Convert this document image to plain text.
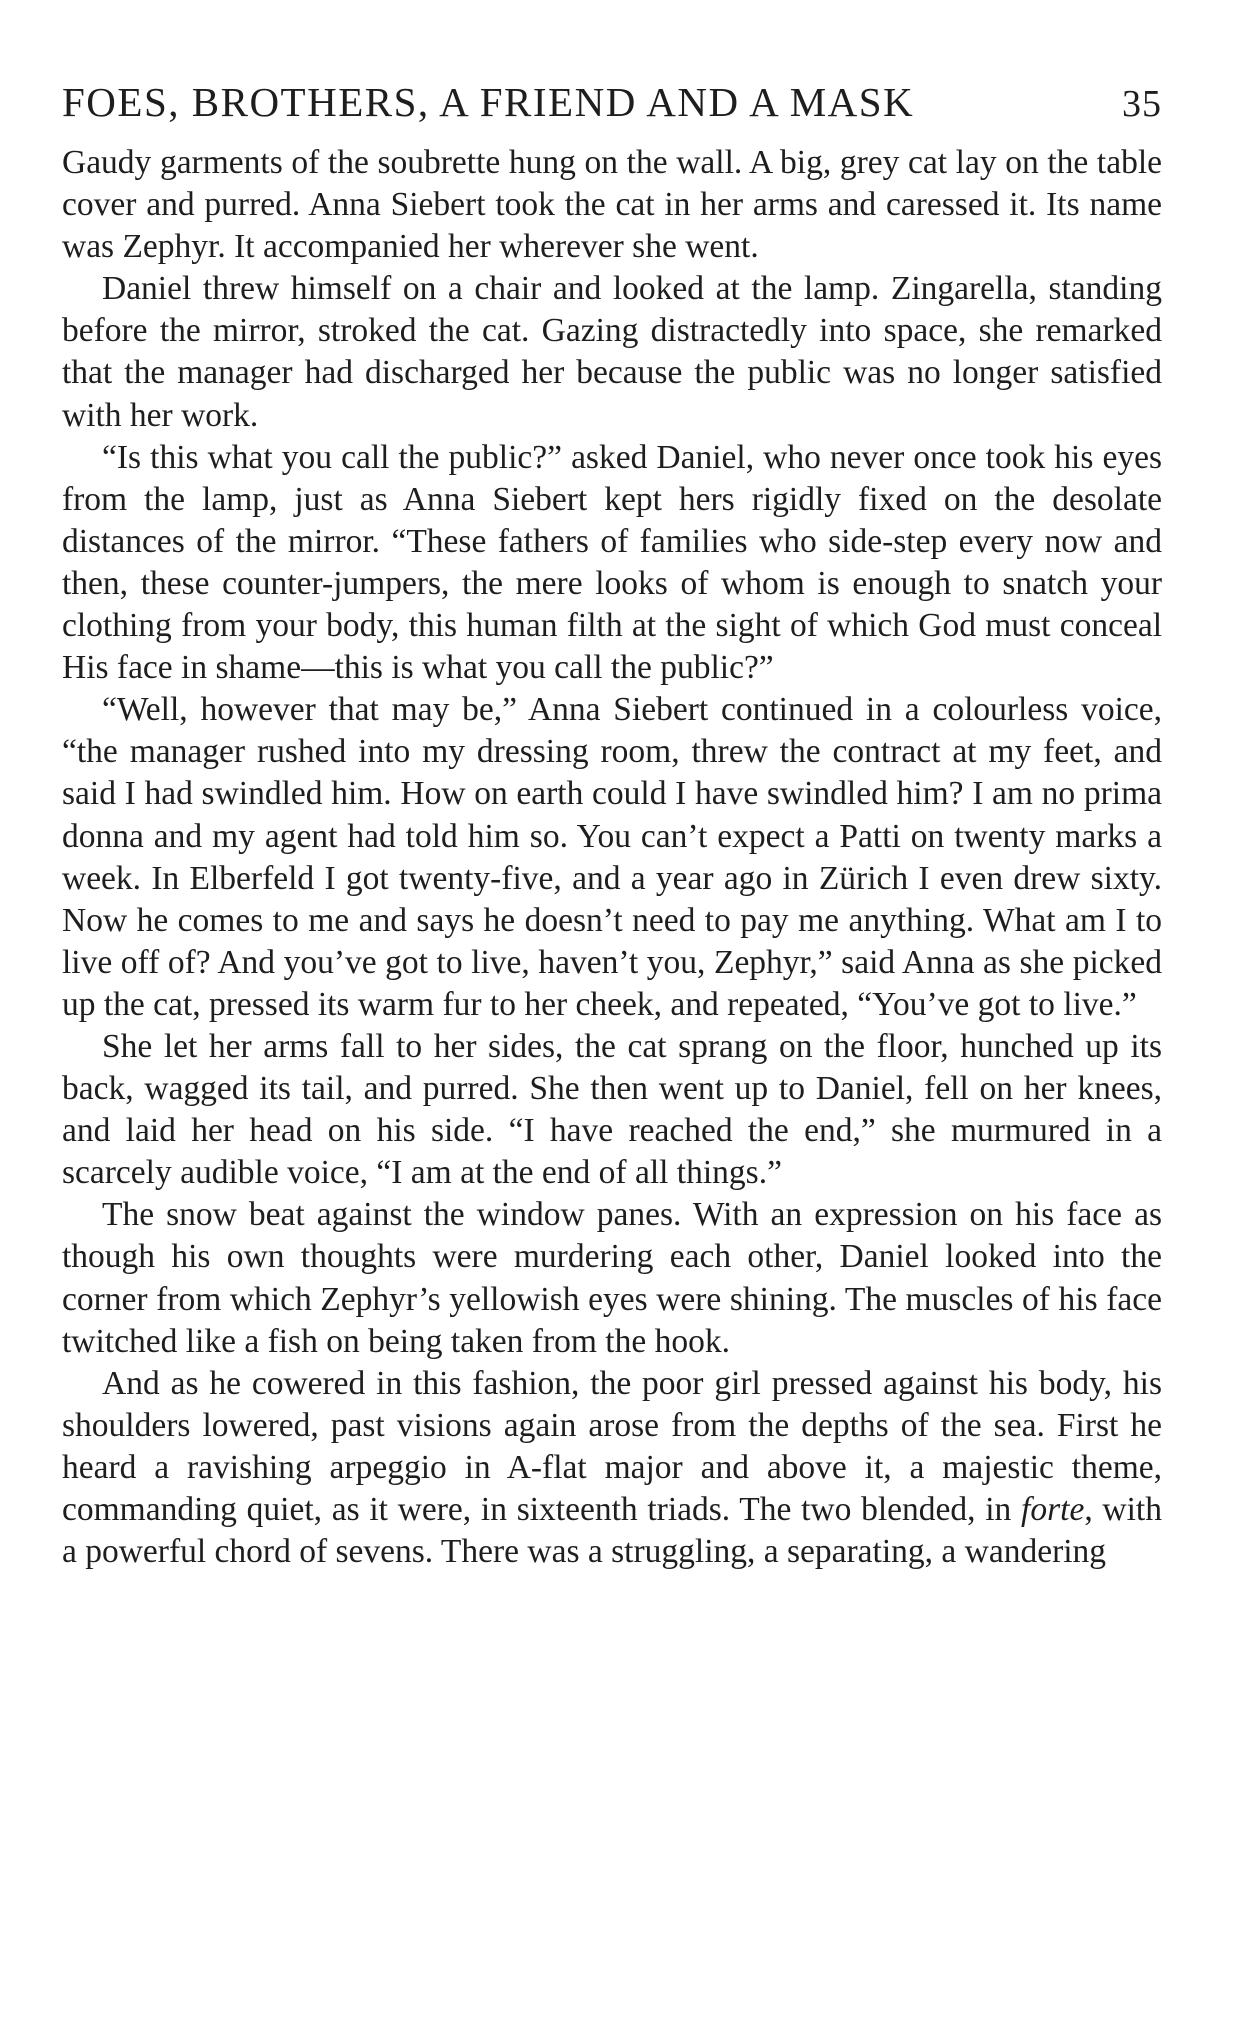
FOES, BROTHERS, A FRIEND AND A MASK	35

Gaudy garments of the soubrette hung on the wall. A big, grey cat lay on the table cover and purred. Anna Siebert took the cat in her arms and caressed it. Its name was Zephyr. It accompanied her wherever she went.

Daniel threw himself on a chair and looked at the lamp. Zingarella, standing before the mirror, stroked the cat. Gazing distractedly into space, she remarked that the manager had discharged her because the public was no longer satisfied with her work.

“Is this what you call the public?” asked Daniel, who never once took his eyes from the lamp, just as Anna Siebert kept hers rigidly fixed on the desolate distances of the mirror. “These fathers of families who side-step every now and then, these counter-jumpers, the mere looks of whom is enough to snatch your clothing from your body, this human filth at the sight of which God must conceal His face in shame—this is what you call the public?”

“Well, however that may be,” Anna Siebert continued in a colourless voice, “the manager rushed into my dressing room, threw the contract at my feet, and said I had swindled him. How on earth could I have swindled him? I am no prima donna and my agent had told him so. You can’t expect a Patti on twenty marks a week. In Elberfeld I got twenty-five, and a year ago in Zürich I even drew sixty. Now he comes to me and says he doesn’t need to pay me anything. What am I to live off of? And you’ve got to live, haven’t you, Zephyr,” said Anna as she picked up the cat, pressed its warm fur to her cheek, and repeated, “You’ve got to live.”

She let her arms fall to her sides, the cat sprang on the floor, hunched up its back, wagged its tail, and purred. She then went up to Daniel, fell on her knees, and laid her head on his side. “I have reached the end,” she murmured in a scarcely audible voice, “I am at the end of all things.”

The snow beat against the window panes. With an expression on his face as though his own thoughts were murdering each other, Daniel looked into the corner from which Zephyr’s yellowish eyes were shining. The muscles of his face twitched like a fish on being taken from the hook.

And as he cowered in this fashion, the poor girl pressed against his body, his shoulders lowered, past visions again arose from the depths of the sea. First he heard a ravishing arpeggio in A-flat major and above it, a majestic theme, commanding quiet, as it were, in sixteenth triads. The two blended, in forte, with a powerful chord of sevens. There was a struggling, a separating, a wandering
